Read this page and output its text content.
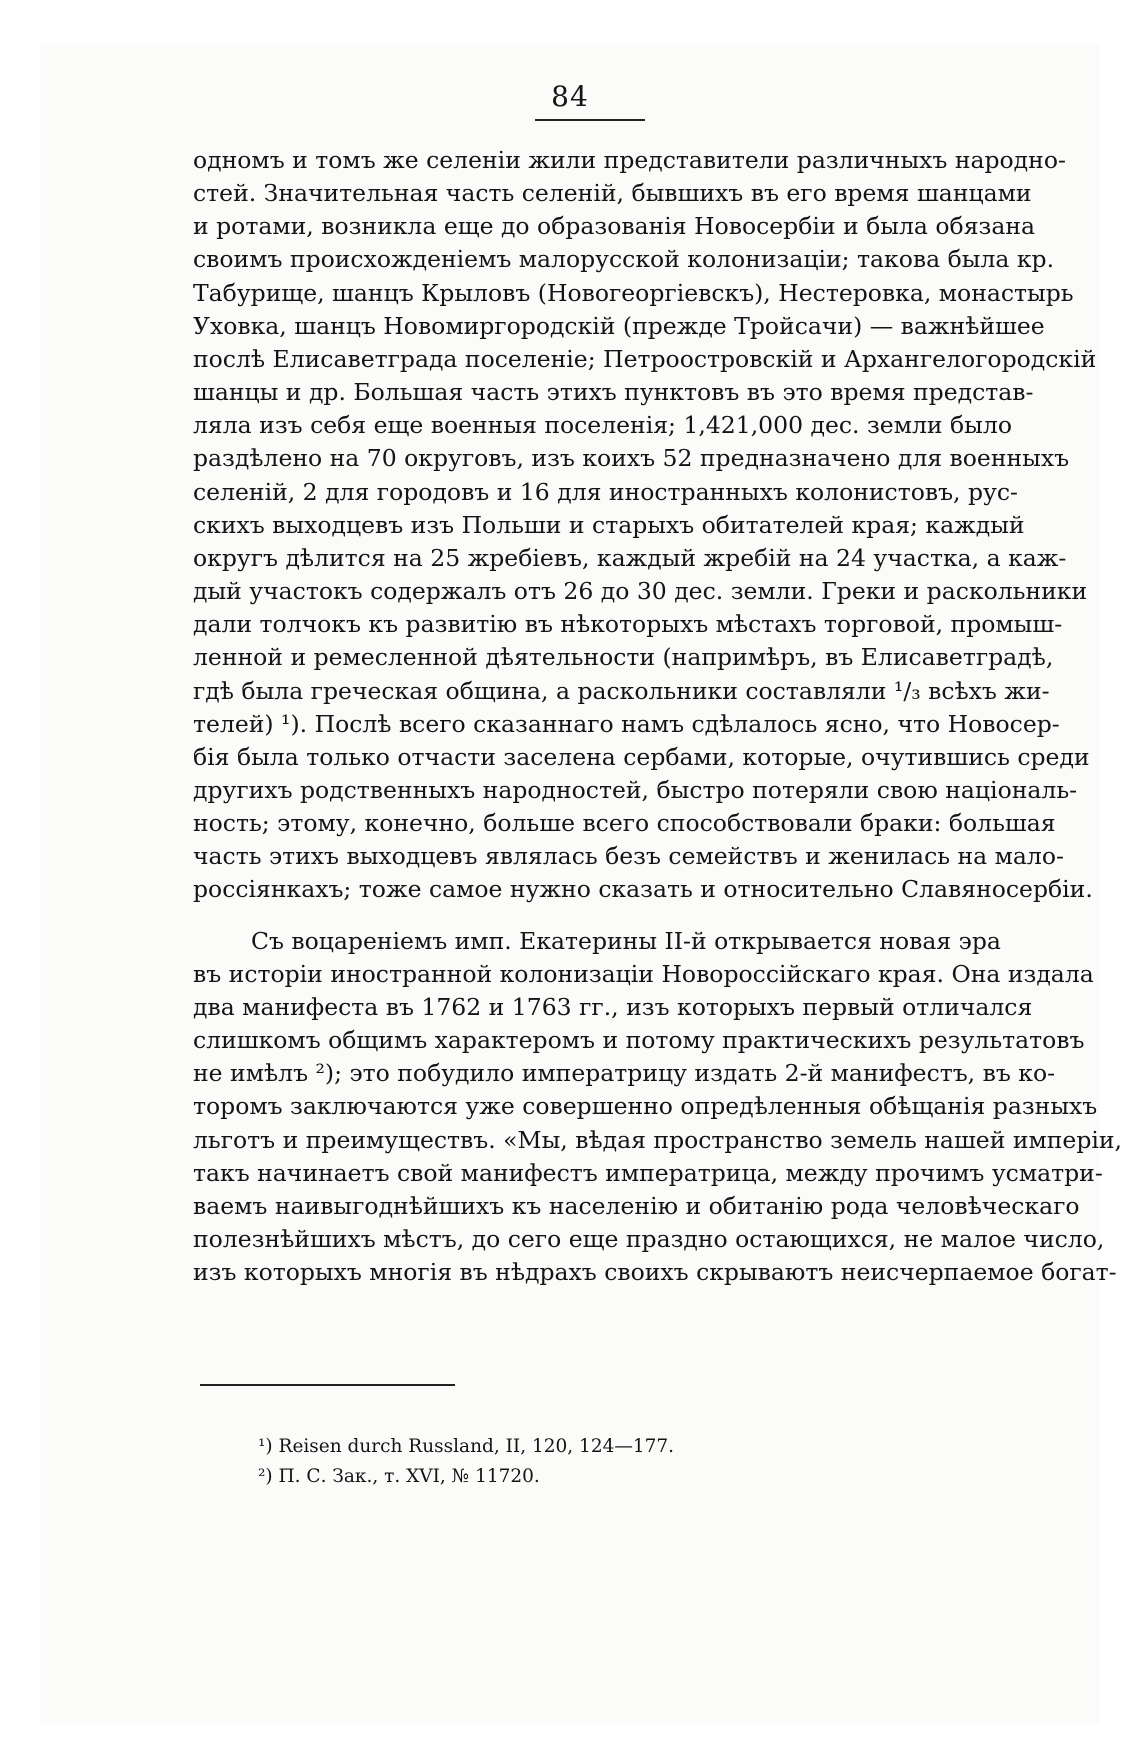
84
одномъ и томъ же селенiи жили представители различныхъ народно-
стей. Значительная часть селенiй, бывшихъ въ его время шанцами
и ротами, возникла еще до образованiя Новосербiи и была обязана
своимъ происхожденiемъ малорусской колонизацiи; такова была кр.
Табурище, шанцъ Крыловъ (Новогеоргiевскъ), Нестеровка, монастырь
Уховка, шанцъ Новомиргородскiй (прежде Тройсачи) — важнѣйшее
послѣ Елисаветграда поселенiе; Петроостровскiй и Архангелогородскiй
шанцы и др. Большая часть этихъ пунктовъ въ это время представ-
ляла изъ себя еще военныя поселенiя; 1,421,000 дес. земли было
раздѣлено на 70 округовъ, изъ коихъ 52 предназначено для военныхъ
селенiй, 2 для городовъ и 16 для иностранныхъ колонистовъ, рус-
скихъ выходцевъ изъ Польши и старыхъ обитателей края; каждый
округъ дѣлится на 25 жребiевъ, каждый жребiй на 24 участка, а каж-
дый участокъ содержалъ отъ 26 до 30 дес. земли. Греки и раскольники
дали толчокъ къ развитiю въ нѣкоторыхъ мѣстахъ торговой, промыш-
ленной и ремесленной дѣятельности (напримѣръ, въ Елисаветградѣ,
гдѣ была греческая община, а раскольники составляли ¹/₃ всѣхъ жи-
телей) ¹). Послѣ всего сказаннаго намъ сдѣлалось ясно, что Новосер-
бiя была только отчасти заселена сербами, которые, очутившись среди
другихъ родственныхъ народностей, быстро потеряли свою нацiональ-
ность; этому, конечно, больше всего способствовали браки: большая
часть этихъ выходцевъ являлась безъ семействъ и женилась на мало-
россiянкахъ; тоже самое нужно сказать и относительно Славяносербiи.
Съ воцаренiемъ имп. Екатерины II-й открывается новая эра
въ исторiи иностранной колонизацiи Новороссiйскаго края. Она издала
два манифеста въ 1762 и 1763 гг., изъ которыхъ первый отличался
слишкомъ общимъ характеромъ и потому практическихъ результатовъ
не имѣлъ ²); это побудило императрицу издать 2-й манифестъ, въ ко-
торомъ заключаются уже совершенно опредѣленныя обѣщанiя разныхъ
льготъ и преимуществъ. «Мы, вѣдая пространство земель нашей имперiи,
такъ начинаетъ свой манифестъ императрица, между прочимъ усматри-
ваемъ наивыгоднѣйшихъ къ населенiю и обитанiю рода человѣческаго
полезнѣйшихъ мѣстъ, до сего еще праздно остающихся, не малое число,
изъ которыхъ многiя въ нѣдрахъ своихъ скрываютъ неисчерпаемое богат-
¹) Reisen durch Russland, II, 120, 124—177.
²) П. С. Зак., т. XVI, № 11720.
